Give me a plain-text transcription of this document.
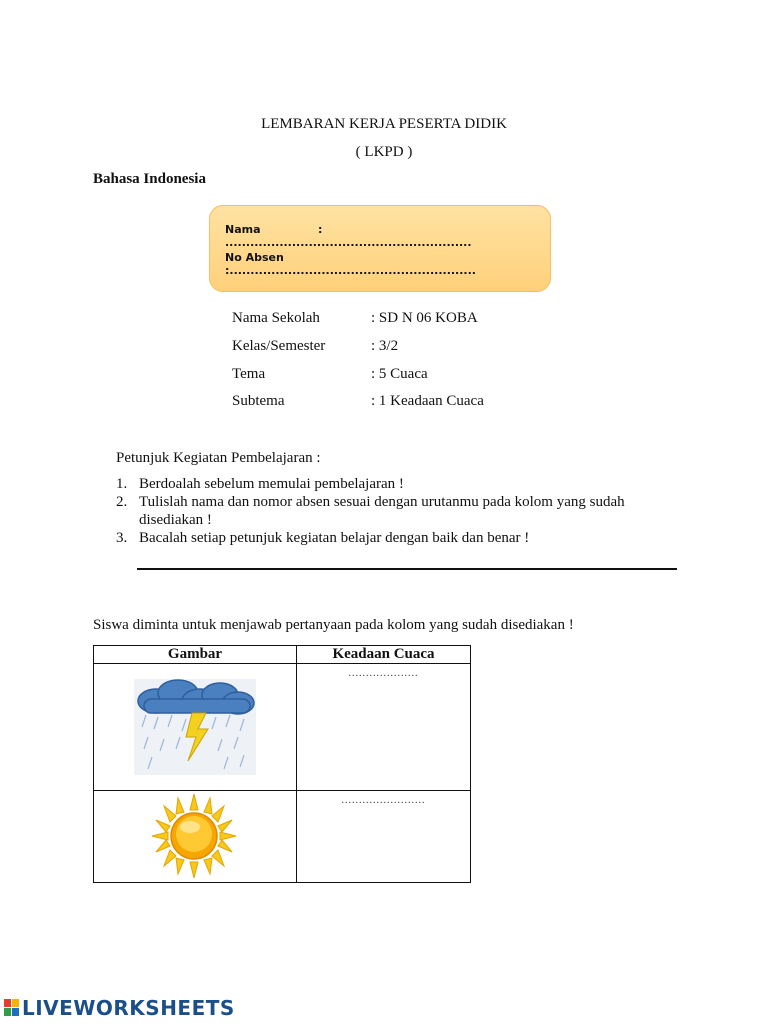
LEMBARAN KERJA PESERTA DIDIK
( LKPD )
Bahasa Indonesia
Nama	: ...........................................................
No Absen:...........................................................
Nama Sekolah	: SD N 06 KOBA
Kelas/Semester	: 3/2
Tema	: 5 Cuaca
Subtema	: 1 Keadaan Cuaca
Petunjuk Kegiatan Pembelajaran :
1. Berdoalah sebelum memulai pembelajaran !
2. Tulislah nama dan nomor absen sesuai dengan urutanmu pada kolom yang sudah disediakan !
3. Bacalah setiap petunjuk kegiatan belajar dengan baik dan benar !
Siswa diminta untuk menjawab pertanyaan pada kolom yang sudah disediakan !
Gambar	Keadaan Cuaca

....................

........................
LIVEWORKSHEETS
